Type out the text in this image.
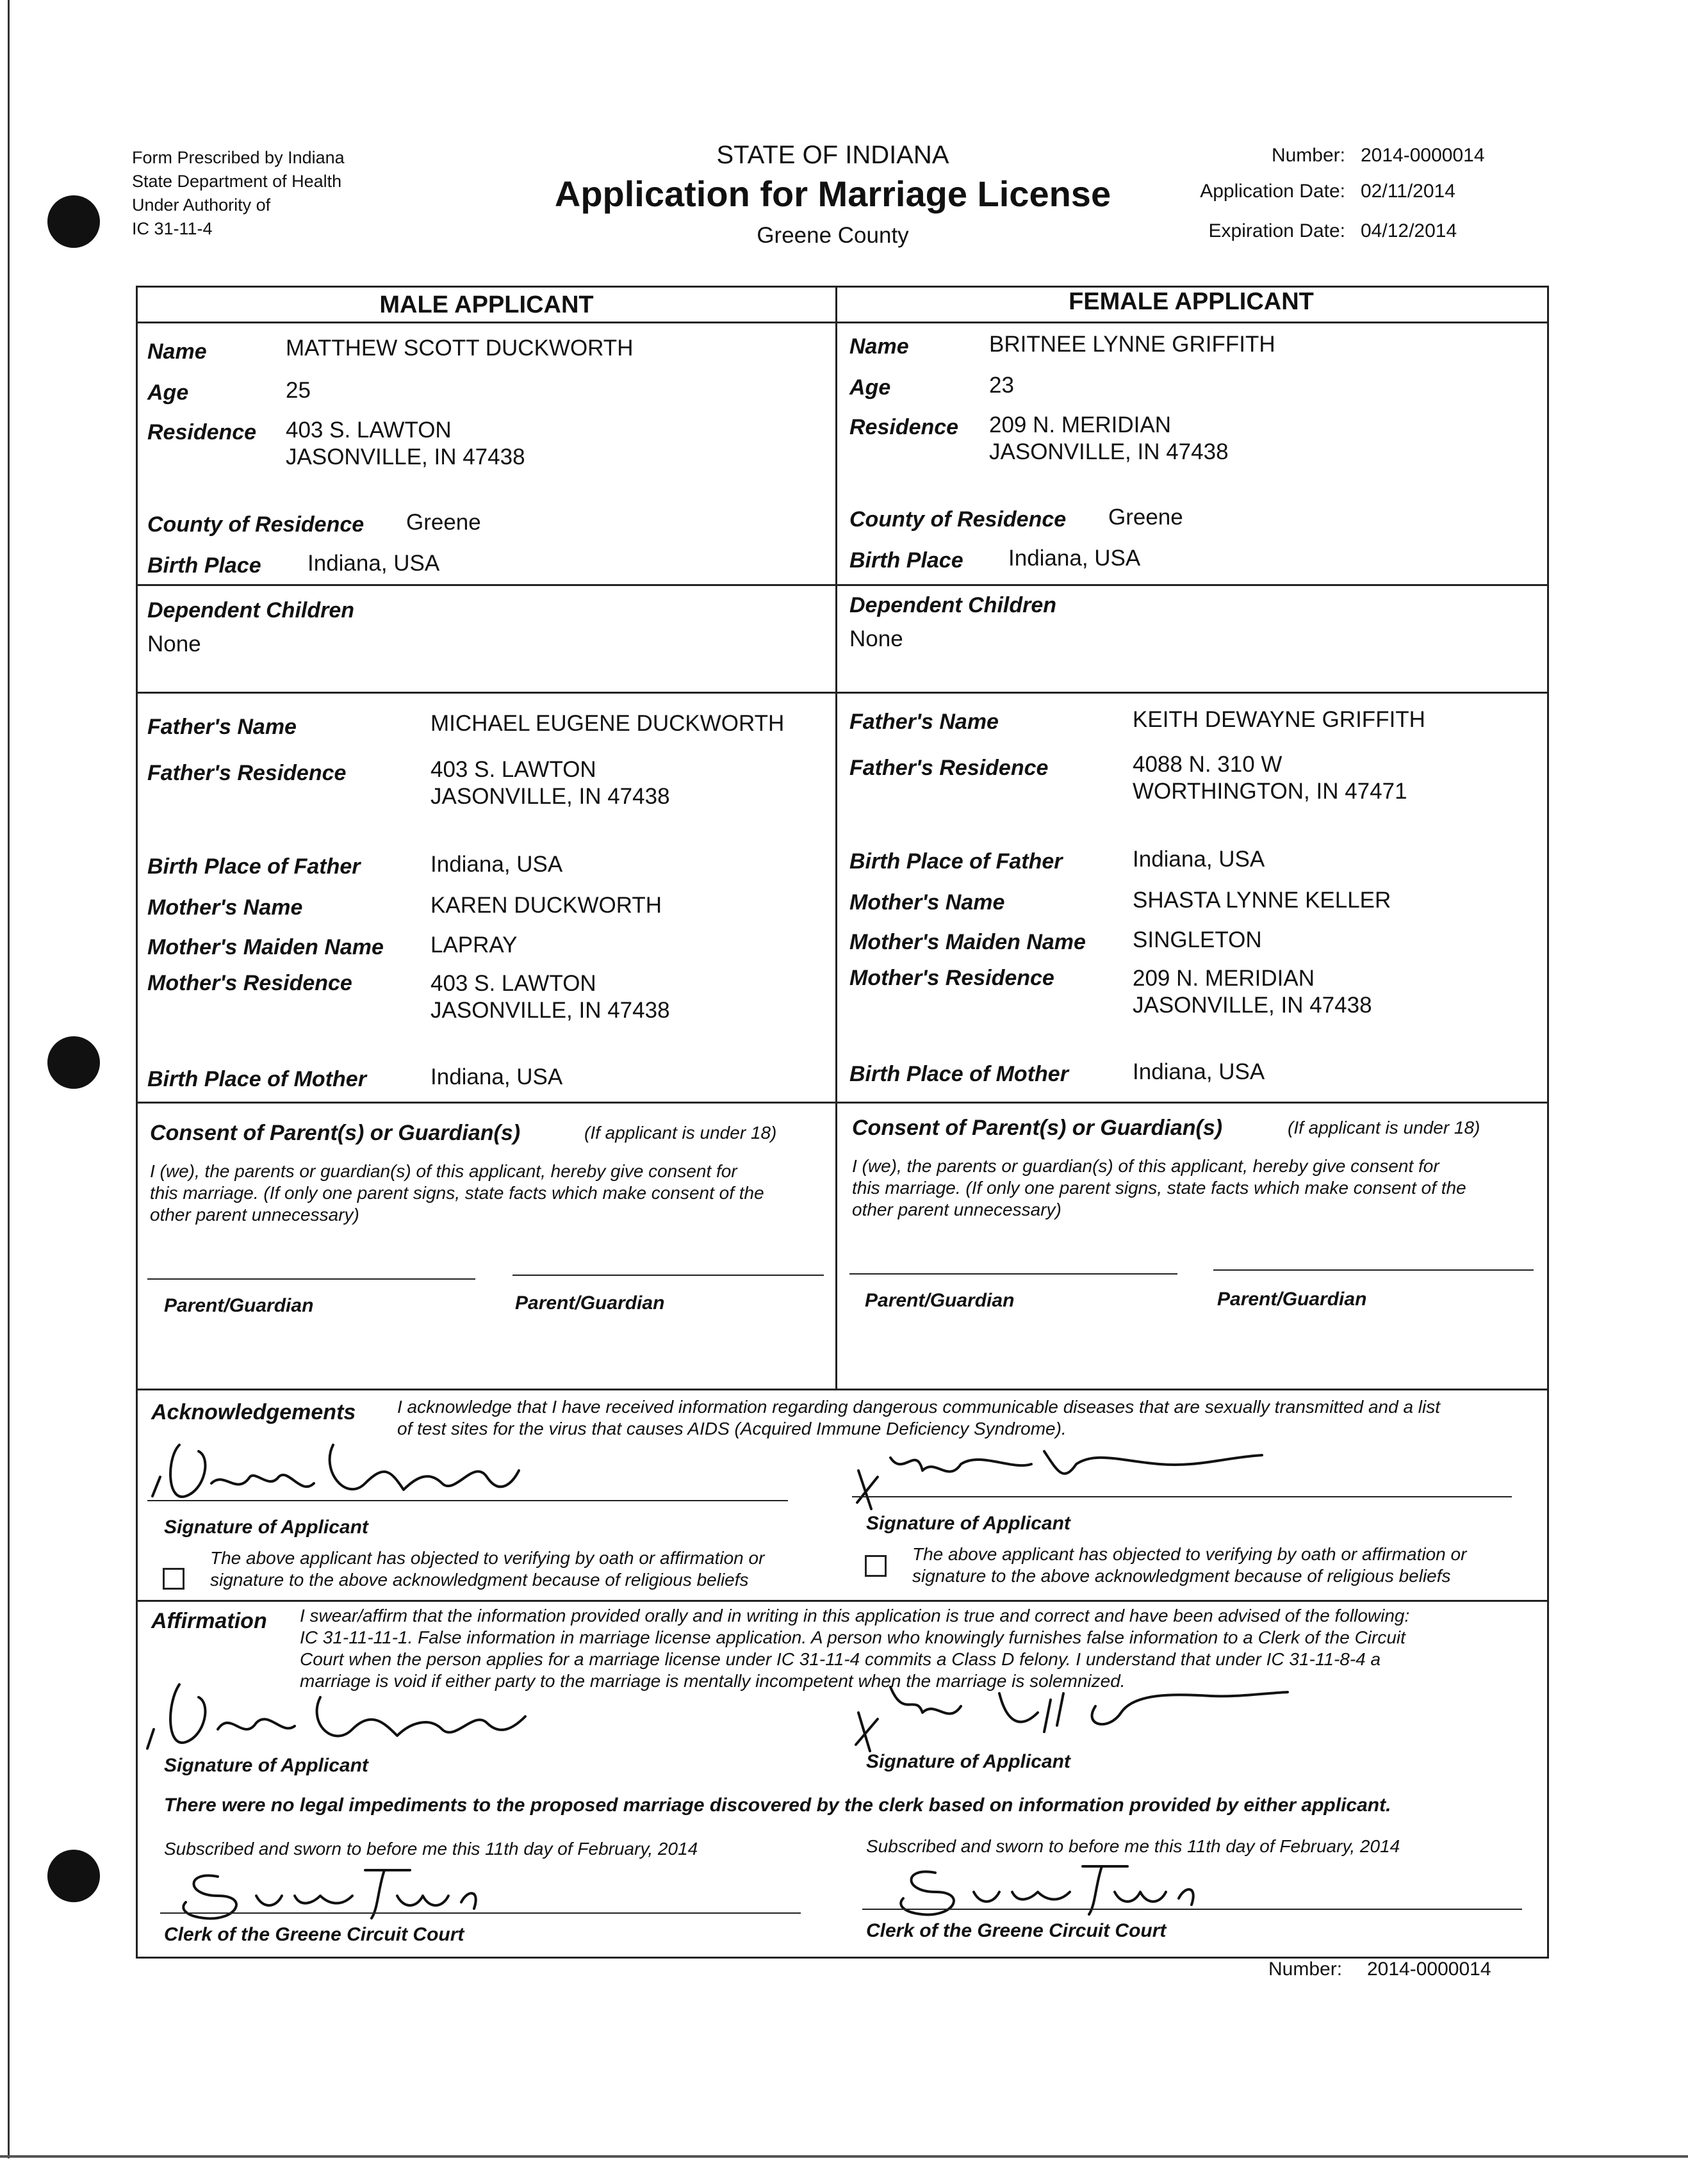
Form Prescribed by Indiana
State Department of Health
Under Authority of
IC 31-11-4
STATE OF INDIANA
Application for Marriage License
Greene County
Number: 2014-0000014
Application Date: 02/11/2014
Expiration Date: 04/12/2014
MALE APPLICANT
Name	MATTHEW SCOTT DUCKWORTH
Age	25
Residence 403 S. LAWTON
JASONVILLE, IN 47438
County of Residence Greene
Birth Place Indiana, USA
Dependent Children
None
Father's Name	MICHAEL EUGENE DUCKWORTH
Father's Residence	403 S. LAWTON
JASONVILLE, IN 47438
Birth Place of Father	Indiana, USA
Mother's Name	KAREN DUCKWORTH
Mother's Maiden Name LAPRAY
Mother's Residence	403 S. LAWTON
JASONVILLE, IN 47438
Birth Place of Mother	Indiana, USA
Consent of Parent(s) or Guardian(s)	(If applicant is under 18)
I (we), the parents or guardian(s) of this applicant, hereby give consent for
this marriage. (If only one parent signs, state facts which make consent of the
other parent unnecessary)
Parent/Guardian	Parent/Guardian
FEMALE APPLICANT
Name	BRITNEE LYNNE GRIFFITH
Age	23
Residence 209 N. MERIDIAN
JASONVILLE, IN 47438
County of Residence Greene
Birth Place Indiana, USA
Dependent Children
None
Father's Name	KEITH DEWAYNE GRIFFITH
Father's Residence	4088 N. 310 W
WORTHINGTON, IN 47471
Birth Place of Father	Indiana, USA
Mother's Name	SHASTA LYNNE KELLER
Mother's Maiden Name SINGLETON
Mother's Residence	209 N. MERIDIAN
JASONVILLE, IN 47438
Birth Place of Mother	Indiana, USA
Consent of Parent(s) or Guardian(s)	(If applicant is under 18)
I (we), the parents or guardian(s) of this applicant, hereby give consent for
this marriage. (If only one parent signs, state facts which make consent of the
other parent unnecessary)
Parent/Guardian	Parent/Guardian
Acknowledgements I acknowledge that I have received information regarding dangerous communicable diseases that are sexually transmitted and a list
of test sites for the virus that causes AIDS (Acquired Immune Deficiency Syndrome).
Signature of Applicant	Signature of Applicant
The above applicant has objected to verifying by oath or affirmation or
signature to the above acknowledgment because of religious beliefs
The above applicant has objected to verifying by oath or affirmation or
signature to the above acknowledgment because of religious beliefs
Affirmation I swear/affirm that the information provided orally and in writing in this application is true and correct and have been advised of the following:
IC 31-11-11-1. False information in marriage license application. A person who knowingly furnishes false information to a Clerk of the Circuit
Court when the person applies for a marriage license under IC 31-11-4 commits a Class D felony. I understand that under IC 31-11-8-4 a
marriage is void if either party to the marriage is mentally incompetent when the marriage is solemnized.
Signature of Applicant	Signature of Applicant
There were no legal impediments to the proposed marriage discovered by the clerk based on information provided by either applicant.
Subscribed and sworn to before me this 11th day of February, 2014	Subscribed and sworn to before me this 11th day of February, 2014
Clerk of the Greene Circuit Court	Clerk of the Greene Circuit Court
Number: 2014-0000014
